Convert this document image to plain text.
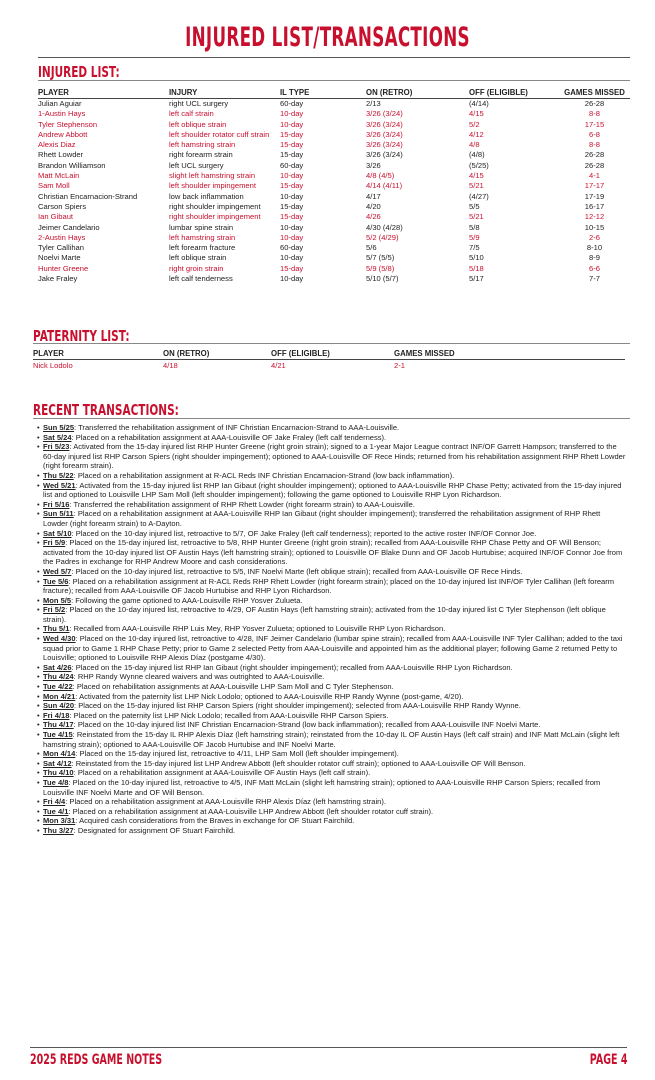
INJURED LIST/TRANSACTIONS
INJURED LIST:
PLAYER	INJURY	IL TYPE	ON (RETRO)	OFF (ELIGIBLE)	GAMES MISSED
Julian Aguiar	right UCL surgery	60-day	2/13	(4/14)	26-28
1-Austin Hays	left calf strain	10-day	3/26 (3/24)	4/15	8-8
Tyler Stephenson	left oblique strain	10-day	3/26 (3/24)	5/2	17-15
Andrew Abbott	left shoulder rotator cuff strain	15-day	3/26 (3/24)	4/12	6-8
Alexis Diaz	left hamstring strain	15-day	3/26 (3/24)	4/8	8-8
Rhett Lowder	right forearm strain	15-day	3/26 (3/24)	(4/8)	26-28
Brandon Williamson	left UCL surgery	60-day	3/26	(5/25)	26-28
Matt McLain	slight left hamstring strain	10-day	4/8 (4/5)	4/15	4-1
Sam Moll	left shoulder impingement	15-day	4/14 (4/11)	5/21	17-17
Christian Encarnacion-Strand	low back inflammation	10-day	4/17	(4/27)	17-19
Carson Spiers	right shoulder impingement	15-day	4/20	5/5	16-17
Ian Gibaut	right shoulder impingement	15-day	4/26	5/21	12-12
Jeimer Candelario	lumbar spine strain	10-day	4/30 (4/28)	5/8	10-15
2-Austin Hays	left hamstring strain	10-day	5/2 (4/29)	5/9	2-6
Tyler Callihan	left forearm fracture	60-day	5/6	7/5	8-10
Noelvi Marte	left oblique strain	10-day	5/7 (5/5)	5/10	8-9
Hunter Greene	right groin strain	15-day	5/9 (5/8)	5/18	6-6
Jake Fraley	left calf tenderness	10-day	5/10 (5/7)	5/17	7-7
PATERNITY LIST:
PLAYER	ON (RETRO)	OFF (ELIGIBLE)	GAMES MISSED	
Nick Lodolo	4/18	4/21	2-1	
RECENT TRANSACTIONS:
• Sun 5/25: Transferred the rehabilitation assignment of INF Christian Encarnacion-Strand to AAA-Louisville.
• Sat 5/24: Placed on a rehabilitation assignment at AAA-Louisville OF Jake Fraley (left calf tenderness).
• Fri 5/23: Activated from the 15-day injured list RHP Hunter Greene (right groin strain); signed to a 1-year Major League contract INF/OF Garrett Hampson; transferred to the 60-day injured list RHP Carson Spiers (right shoulder impingement); optioned to AAA-Louisville OF Rece Hinds; returned from his rehabilitation assignment RHP Rhett Lowder (right forearm strain).
• Thu 5/22: Placed on a rehabilitation assignment at R-ACL Reds INF Christian Encarnacion-Strand (low back inflammation).
• Wed 5/21: Activated from the 15-day injured list RHP Ian Gibaut (right shoulder impingement); optioned to AAA-Louisville RHP Chase Petty; activated from the 15-day injured list and optioned to Louisville LHP Sam Moll (left shoulder impingement); following the game optioned to Louisville RHP Lyon Richardson.
• Fri 5/16: Transferred the rehabilitation assignment of RHP Rhett Lowder (right forearm strain) to AAA-Louisville.
• Sun 5/11: Placed on a rehabilitation assignment at AAA-Louisville RHP Ian Gibaut (right shoulder impingement); transferred the rehabilitation assignment of RHP Rhett Lowder (right forearm strain) to A-Dayton.
• Sat 5/10: Placed on the 10-day injured list, retroactive to 5/7, OF Jake Fraley (left calf tenderness); reported to the active roster INF/OF Connor Joe.
• Fri 5/9: Placed on the 15-day injured list, retroactive to 5/8, RHP Hunter Greene (right groin strain); recalled from AAA-Louisville RHP Chase Petty and OF Will Benson; activated from the 10-day injured list OF Austin Hays (left hamstring strain); optioned to Louisville OF Blake Dunn and OF Jacob Hurtubise; acquired INF/OF Connor Joe from the Padres in exchange for RHP Andrew Moore and cash considerations.
• Wed 5/7: Placed on the 10-day injured list, retroactive to 5/5, INF Noelvi Marte (left oblique strain); recalled from AAA-Louisville OF Rece Hinds.
• Tue 5/6: Placed on a rehabilitation assignment at R-ACL Reds RHP Rhett Lowder (right forearm strain); placed on the 10-day injured list INF/OF Tyler Callihan (left forearm fracture); recalled from AAA-Louisville OF Jacob Hurtubise and RHP Lyon Richardson.
• Mon 5/5: Following the game optioned to AAA-Louisville RHP Yosver Zulueta.
• Fri 5/2: Placed on the 10-day injured list, retroactive to 4/29, OF Austin Hays (left hamstring strain); activated from the 10-day injured list C Tyler Stephenson (left oblique strain).
• Thu 5/1: Recalled from AAA-Louisville RHP Luis Mey, RHP Yosver Zulueta; optioned to Louisville RHP Lyon Richardson.
• Wed 4/30: Placed on the 10-day injured list, retroactive to 4/28, INF Jeimer Candelario (lumbar spine strain); recalled from AAA-Louisville INF Tyler Callihan; added to the taxi squad prior to Game 1 RHP Chase Petty; prior to Game 2 selected Petty from AAA-Louisville and appointed him as the additional player; following Game 2 returned Petty to Louisville; optioned to Louisville RHP Alexis Díaz (postgame 4/30).
• Sat 4/26: Placed on the 15-day injured list RHP Ian Gibaut (right shoulder impingement); recalled from AAA-Louisville RHP Lyon Richardson.
• Thu 4/24: RHP Randy Wynne cleared waivers and was outrighted to AAA-Louisville.
• Tue 4/22: Placed on rehabilitation assignments at AAA-Louisville LHP Sam Moll and C Tyler Stephenson.
• Mon 4/21: Activated from the paternity list LHP Nick Lodolo; optioned to AAA-Louisville RHP Randy Wynne (post-game, 4/20).
• Sun 4/20: Placed on the 15-day injured list RHP Carson Spiers (right shoulder impingement); selected from AAA-Louisville RHP Randy Wynne.
• Fri 4/18: Placed on the paternity list LHP Nick Lodolo; recalled from AAA-Louisville RHP Carson Spiers.
• Thu 4/17: Placed on the 10-day injured list INF Christian Encarnacion-Strand (low back inflammation); recalled from AAA-Louisville INF Noelvi Marte.
• Tue 4/15: Reinstated from the 15-day IL RHP Alexis Díaz (left hamstring strain); reinstated from the 10-day IL OF Austin Hays (left calf strain) and INF Matt McLain (slight left hamstring strain); optioned to AAA-Louisville OF Jacob Hurtubise and INF Noelvi Marte.
• Mon 4/14: Placed on the 15-day injured list, retroactive to 4/11, LHP Sam Moll (left shoulder impingement).
• Sat 4/12: Reinstated from the 15-day injured list LHP Andrew Abbott (left shoulder rotator cuff strain); optioned to AAA-Louisville OF Will Benson.
• Thu 4/10: Placed on a rehabilitation assignment at AAA-Louisville OF Austin Hays (left calf strain).
• Tue 4/8: Placed on the 10-day injured list, retroactive to 4/5, INF Matt McLain (slight left hamstring strain); optioned to AAA-Louisville RHP Carson Spiers; recalled from Louisville INF Noelvi Marte and OF Will Benson.
• Fri 4/4: Placed on a rehabilitation assignment at AAA-Louisville RHP Alexis Díaz (left hamstring strain).
• Tue 4/1: Placed on a rehabilitation assignment at AAA-Louisville LHP Andrew Abbott (left shoulder rotator cuff strain).
• Mon 3/31: Acquired cash considerations from the Braves in exchange for OF Stuart Fairchild.
• Thu 3/27: Designated for assignment OF Stuart Fairchild.
2025 REDS GAME NOTES	PAGE 4
